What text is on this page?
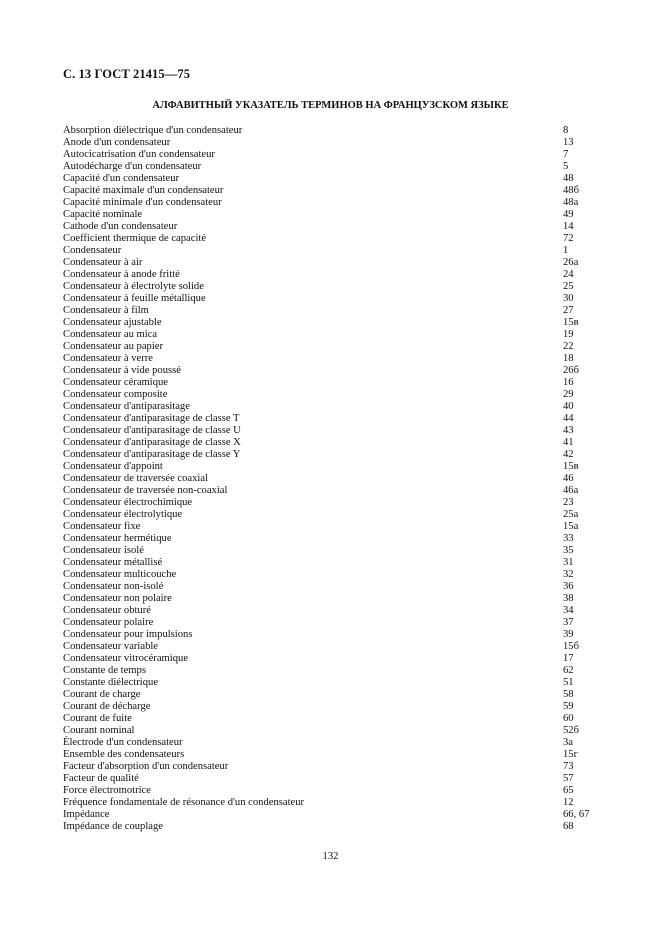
С. 13 ГОСТ 21415—75
АЛФАВИТНЫЙ УКАЗАТЕЛЬ ТЕРМИНОВ НА ФРАНЦУЗСКОМ ЯЗЫКЕ
Absorption diélectrique d'un condensateur	8
Anode d'un condensateur	13
Autocicatrisation d'un condensateur	7
Autodécharge d'un condensateur	5
Capacité d'un condensateur	48
Capacité maximale d'un condensateur	48б
Capacité minimale d'un condensateur	48а
Capacité nominale	49
Cathode d'un condensateur	14
Coefficient thermique de capacité	72
Condensateur	1
Condensateur à air	26а
Condensateur à anode fritté	24
Condensateur à électrolyte solide	25
Condensateur à feuille métallique	30
Condensateur à film	27
Condensateur ajustable	15в
Condensateur au mica	19
Condensateur au papier	22
Condensateur à verre	18
Condensateur à vide poussé	26б
Condensateur céramique	16
Condensateur composite	29
Condensateur d'antiparasitage	40
Condensateur d'antiparasitage de classe T	44
Condensateur d'antiparasitage de classe U	43
Condensateur d'antiparasitage de classe X	41
Condensateur d'antiparasitage de classe Y	42
Condensateur d'appoint	15в
Condensateur de traversée coaxial	46
Condensateur de traversée non-coaxial	46а
Condensateur électrochimique	23
Condensateur électrolytique	25а
Condensateur fixe	15а
Condensateur hermétique	33
Condensateur isolé	35
Condensateur métallisé	31
Condensateur multicouche	32
Condensateur non-isolé	36
Condensateur non polaire	38
Condensateur obturé	34
Condensateur polaire	37
Condensateur pour impulsions	39
Condensateur variable	15б
Condensateur vitrocéramique	17
Constante de temps	62
Constante diélectrique	51
Courant de charge	58
Courant de décharge	59
Courant de fuite	60
Courant nominal	52б
Électrode d'un condensateur	3а
Ensemble des condensateurs	15г
Facteur d'absorption d'un condensateur	73
Facteur de qualité	57
Force électromotrice	65
Fréquence fondamentale de résonance d'un condensateur	12
Impédance	66, 67
Impédance de couplage	68
132
